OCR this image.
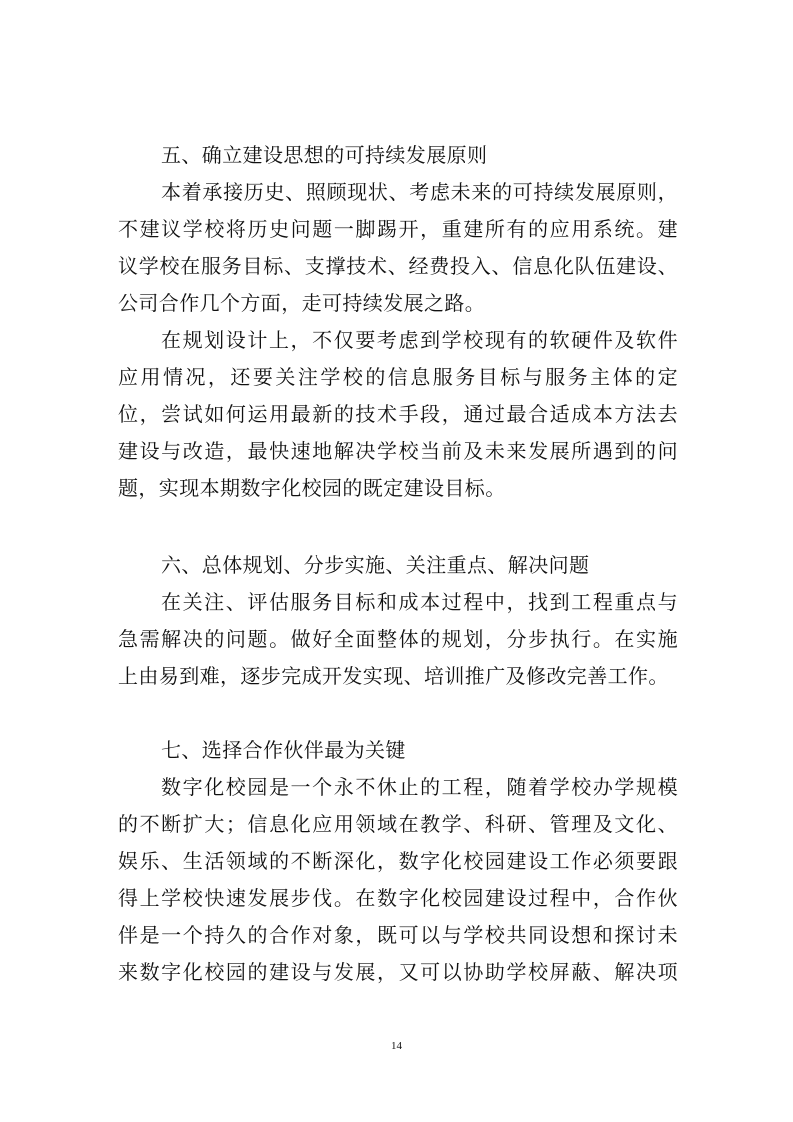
五、确立建设思想的可持续发展原则
本着承接历史、照顾现状、考虑未来的可持续发展原则，
不建议学校将历史问题一脚踢开，重建所有的应用系统。建
议学校在服务目标、支撑技术、经费投入、信息化队伍建设、
公司合作几个方面，走可持续发展之路。
在规划设计上，不仅要考虑到学校现有的软硬件及软件
应用情况，还要关注学校的信息服务目标与服务主体的定
位，尝试如何运用最新的技术手段，通过最合适成本方法去
建设与改造，最快速地解决学校当前及未来发展所遇到的问
题，实现本期数字化校园的既定建设目标。
六、总体规划、分步实施、关注重点、解决问题
在关注、评估服务目标和成本过程中，找到工程重点与
急需解决的问题。做好全面整体的规划，分步执行。在实施
上由易到难，逐步完成开发实现、培训推广及修改完善工作。
七、选择合作伙伴最为关键
数字化校园是一个永不休止的工程，随着学校办学规模
的不断扩大；信息化应用领域在教学、科研、管理及文化、
娱乐、生活领域的不断深化，数字化校园建设工作必须要跟
得上学校快速发展步伐。在数字化校园建设过程中，合作伙
伴是一个持久的合作对象，既可以与学校共同设想和探讨未
来数字化校园的建设与发展，又可以协助学校屏蔽、解决项
14
